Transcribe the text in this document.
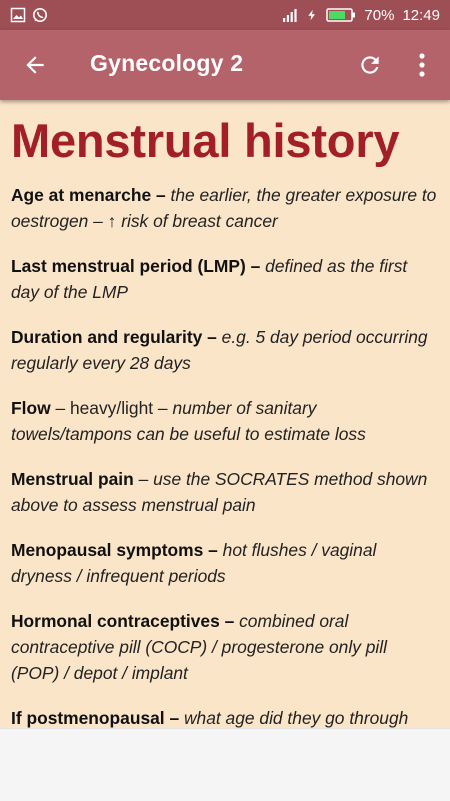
70% 12:49
Gynecology 2
Menstrual history

Age at menarche – the earlier, the greater exposure to oestrogen – ↑ risk of breast cancer

Last menstrual period (LMP) – defined as the first day of the LMP

Duration and regularity – e.g. 5 day period occurring regularly every 28 days

Flow – heavy/light – number of sanitary towels/tampons can be useful to estimate loss

Menstrual pain – use the SOCRATES method shown above to assess menstrual pain

Menopausal symptoms – hot flushes / vaginal dryness / infrequent periods

Hormonal contraceptives – combined oral contraceptive pill (COCP) / progesterone only pill (POP) / depot / implant

If postmenopausal – what age did they go through
